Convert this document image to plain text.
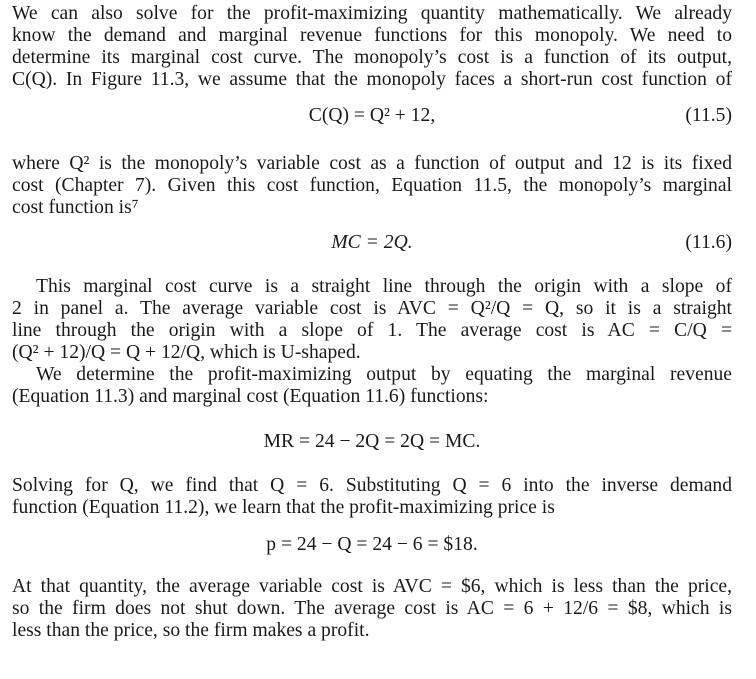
We can also solve for the profit-maximizing quantity mathematically. We already
know the demand and marginal revenue functions for this monopoly. We need to
determine its marginal cost curve. The monopoly’s cost is a function of its output,
C(Q). In Figure 11.3, we assume that the monopoly faces a short-run cost function of
C(Q) = Q² + 12,	(11.5)
where Q² is the monopoly’s variable cost as a function of output and 12 is its fixed
cost (Chapter 7). Given this cost function, Equation 11.5, the monopoly’s marginal
cost function is⁷
MC = 2Q.	(11.6)
This marginal cost curve is a straight line through the origin with a slope of
2 in panel a. The average variable cost is AVC = Q²/Q = Q, so it is a straight
line through the origin with a slope of 1. The average cost is AC = C/Q =
(Q² + 12)/Q = Q + 12/Q, which is U-shaped.
We determine the profit-maximizing output by equating the marginal revenue
(Equation 11.3) and marginal cost (Equation 11.6) functions:
MR = 24 − 2Q = 2Q = MC.
Solving for Q, we find that Q = 6. Substituting Q = 6 into the inverse demand
function (Equation 11.2), we learn that the profit-maximizing price is
p = 24 − Q = 24 − 6 = $18.
At that quantity, the average variable cost is AVC = $6, which is less than the price,
so the firm does not shut down. The average cost is AC = 6 + 12/6 = $8, which is
less than the price, so the firm makes a profit.
